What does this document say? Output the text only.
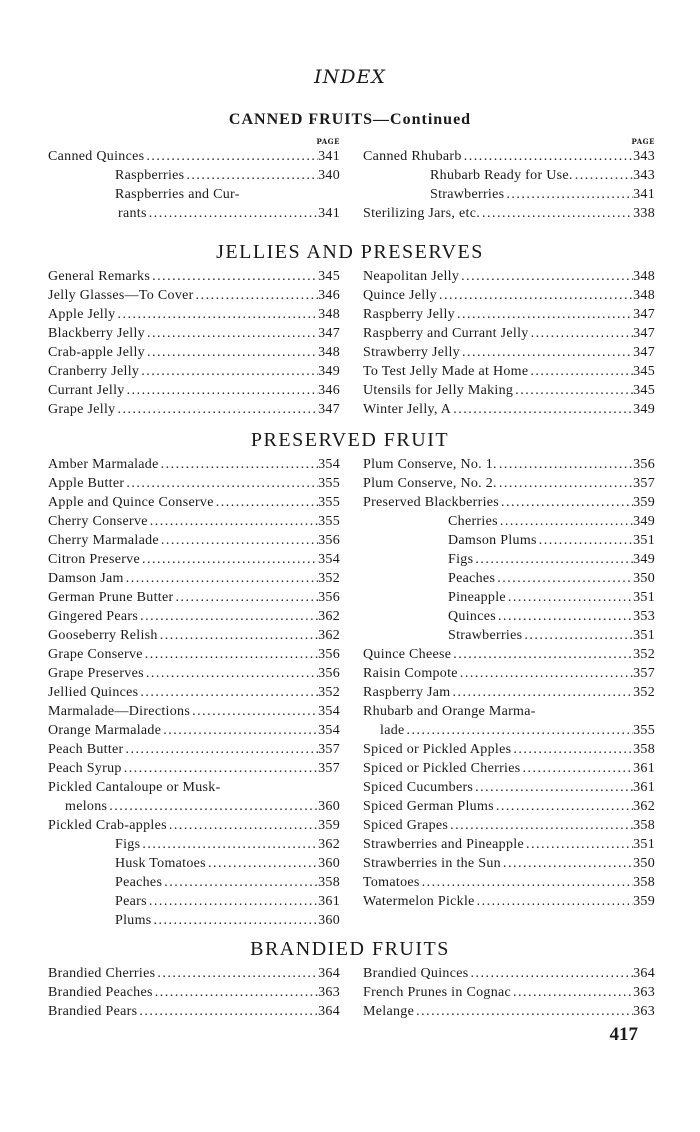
INDEX
CANNED FRUITS—Continued
PAGE
Canned Quinces . . .	341
Raspberries . . .	340
Raspberries and Cur-
rants . . .	341
PAGE
Canned Rhubarb . . .	343
Rhubarb Ready for Use. . . .	343
Strawberries . . .	341
Sterilizing Jars, etc. . . .	338
JELLIES AND PRESERVES
General Remarks . . .	345
Jelly Glasses—To Cover . . .	346
Apple Jelly . . .	348
Blackberry Jelly . . .	347
Crab-apple Jelly . . .	348
Cranberry Jelly . . .	349
Currant Jelly . . .	346
Grape Jelly . . .	347
Neapolitan Jelly . . .	348
Quince Jelly . . .	348
Raspberry Jelly . . .	347
Raspberry and Currant Jelly . . .	347
Strawberry Jelly . . .	347
To Test Jelly Made at Home . . .	345
Utensils for Jelly Making . . .	345
Winter Jelly, A . . .	349
PRESERVED FRUIT
Amber Marmalade . . .	354
Apple Butter . . .	355
Apple and Quince Conserve . . .	355
Cherry Conserve . . .	355
Cherry Marmalade . . .	356
Citron Preserve . . .	354
Damson Jam . . .	352
German Prune Butter . . .	356
Gingered Pears . . .	362
Gooseberry Relish . . .	362
Grape Conserve . . .	356
Grape Preserves . . .	356
Jellied Quinces . . .	352
Marmalade—Directions . . .	354
Orange Marmalade . . .	354
Peach Butter . . .	357
Peach Syrup . . .	357
Pickled Cantaloupe or Musk-
melons . . .	360
Pickled Crab-apples . . .	359
Figs . . .	362
Husk Tomatoes . . .	360
Peaches . . .	358
Pears . . .	361
Plums . . .	360
Plum Conserve, No. 1. . . .	356
Plum Conserve, No. 2. . . .	357
Preserved Blackberries . . .	359
Cherries . . .	349
Damson Plums . . .	351
Figs . . .	349
Peaches . . .	350
Pineapple . . .	351
Quinces . . .	353
Strawberries . . .	351
Quince Cheese . . .	352
Raisin Compote . . .	357
Raspberry Jam . . .	352
Rhubarb and Orange Marma-
lade . . .	355
Spiced or Pickled Apples . . .	358
Spiced or Pickled Cherries . . .	361
Spiced Cucumbers . . .	361
Spiced German Plums . . .	362
Spiced Grapes . . .	358
Strawberries and Pineapple . . .	351
Strawberries in the Sun . . .	350
Tomatoes . . .	358
Watermelon Pickle . . .	359
BRANDIED FRUITS
Brandied Cherries . . .	364
Brandied Peaches . . .	363
Brandied Pears . . .	364
Brandied Quinces . . .	364
French Prunes in Cognac . . .	363
Melange . . .	363
417
